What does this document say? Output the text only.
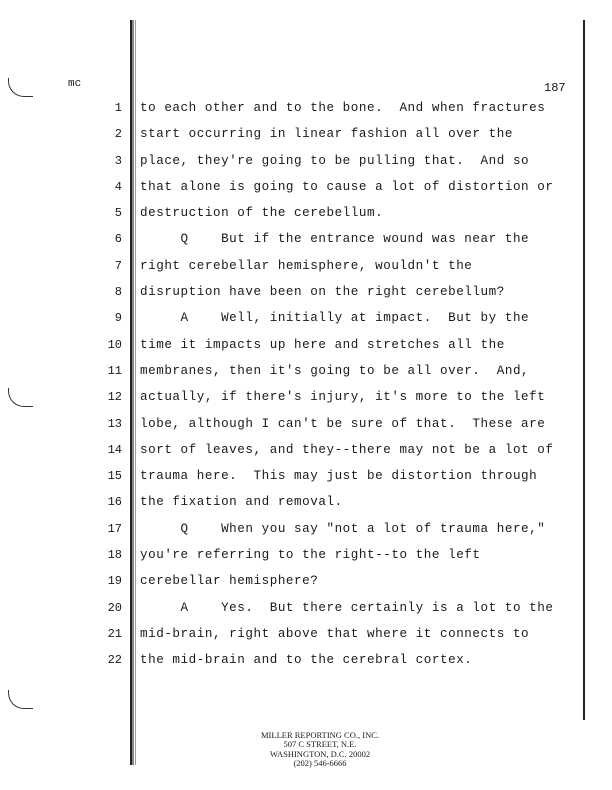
mc	187
1 to each other and to the bone.  And when fractures
2 start occurring in linear fashion all over the
3 place, they're going to be pulling that.  And so
4 that alone is going to cause a lot of distortion or
5 destruction of the cerebellum.
6 Q    But if the entrance wound was near the
7 right cerebellar hemisphere, wouldn't the
8 disruption have been on the right cerebellum?
9 A    Well, initially at impact.  But by the
10 time it impacts up here and stretches all the
11 membranes, then it's going to be all over.  And,
12 actually, if there's injury, it's more to the left
13 lobe, although I can't be sure of that.  These are
14 sort of leaves, and they--there may not be a lot of
15 trauma here.  This may just be distortion through
16 the fixation and removal.
17 Q    When you say "not a lot of trauma here,"
18 you're referring to the right--to the left
19 cerebellar hemisphere?
20 A    Yes.  But there certainly is a lot to the
21 mid-brain, right above that where it connects to
22 the mid-brain and to the cerebral cortex.
MILLER REPORTING CO., INC.
507 C STREET, N.E.
WASHINGTON, D.C. 20002
(202) 546-6666
